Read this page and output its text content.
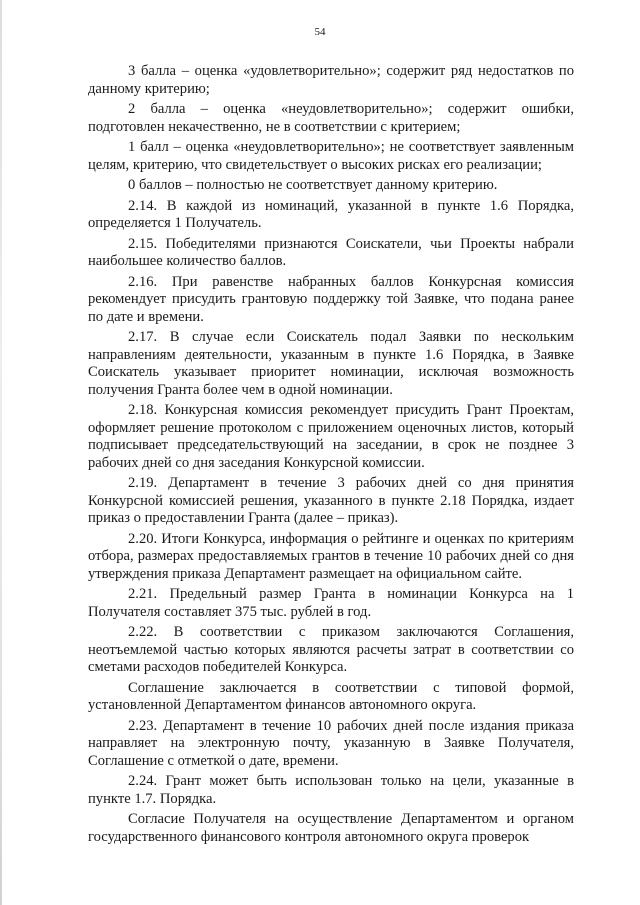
54

3 балла – оценка «удовлетворительно»; содержит ряд недостатков по данному критерию;

2 балла – оценка «неудовлетворительно»; содержит ошибки, подготовлен некачественно, не в соответствии с критерием;

1 балл – оценка «неудовлетворительно»; не соответствует заявленным целям, критерию, что свидетельствует о высоких рисках его реализации;

0 баллов – полностью не соответствует данному критерию.

2.14. В каждой из номинаций, указанной в пункте 1.6 Порядка, определяется 1 Получатель.

2.15. Победителями признаются Соискатели, чьи Проекты набрали наибольшее количество баллов.

2.16. При равенстве набранных баллов Конкурсная комиссия рекомендует присудить грантовую поддержку той Заявке, что подана ранее по дате и времени.

2.17. В случае если Соискатель подал Заявки по нескольким направлениям деятельности, указанным в пункте 1.6 Порядка, в Заявке Соискатель указывает приоритет номинации, исключая возможность получения Гранта более чем в одной номинации.

2.18. Конкурсная комиссия рекомендует присудить Грант Проектам, оформляет решение протоколом с приложением оценочных листов, который подписывает председательствующий на заседании, в срок не позднее 3 рабочих дней со дня заседания Конкурсной комиссии.

2.19. Департамент в течение 3 рабочих дней со дня принятия Конкурсной комиссией решения, указанного в пункте 2.18 Порядка, издает приказ о предоставлении Гранта (далее – приказ).

2.20. Итоги Конкурса, информация о рейтинге и оценках по критериям отбора, размерах предоставляемых грантов в течение 10 рабочих дней со дня утверждения приказа Департамент размещает на официальном сайте.

2.21. Предельный размер Гранта в номинации Конкурса на 1 Получателя составляет 375 тыс. рублей в год.

2.22. В соответствии с приказом заключаются Соглашения, неотъемлемой частью которых являются расчеты затрат в соответствии со сметами расходов победителей Конкурса.

Соглашение заключается в соответствии с типовой формой, установленной Департаментом финансов автономного округа.

2.23. Департамент в течение 10 рабочих дней после издания приказа направляет на электронную почту, указанную в Заявке Получателя, Соглашение с отметкой о дате, времени.

2.24. Грант может быть использован только на цели, указанные в пункте 1.7. Порядка.

Согласие Получателя на осуществление Департаментом и органом государственного финансового контроля автономного округа проверок
